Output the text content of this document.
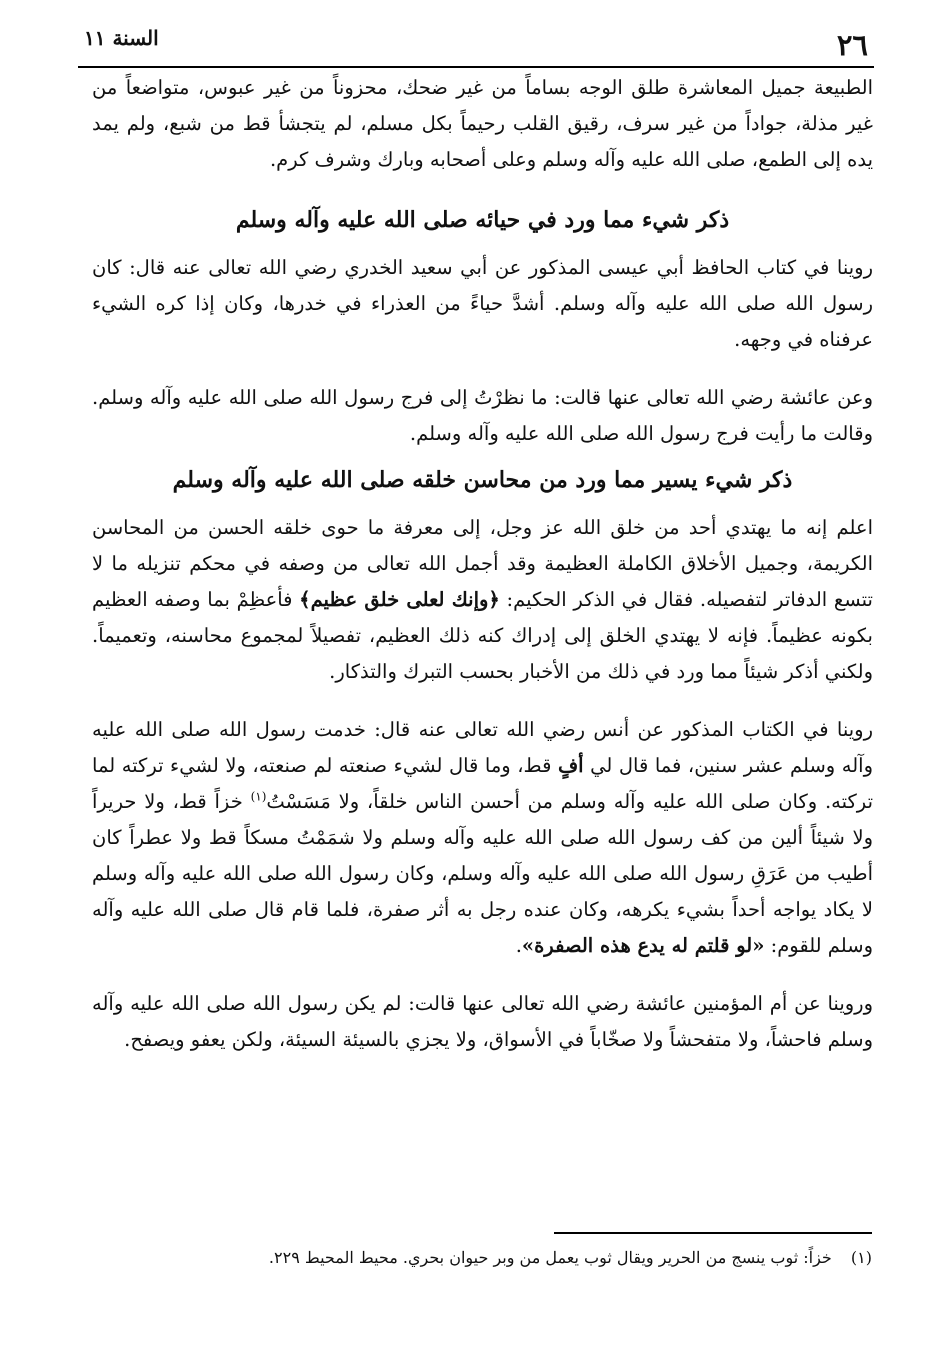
٢٦
السنة ١١

الطبيعة جميل المعاشرة طلق الوجه بساماً من غير ضحك، محزوناً من غير عبوس، متواضعاً من غير مذلة، جواداً من غير سرف، رقيق القلب رحيماً بكل مسلم، لم يتجشأ قط من شبع، ولم يمد يده إلى الطمع، صلى الله عليه وآله وسلم وعلى أصحابه وبارك وشرف كرم.

ذكر شيء مما ورد في حيائه صلى الله عليه وآله وسلم

روينا في كتاب الحافظ أبي عيسى المذكور عن أبي سعيد الخدري رضي الله تعالى عنه قال: كان رسول الله صلى الله عليه وآله وسلم. أشدَّ حياءً من العذراء في خدرها، وكان إذا كره الشيء عرفناه في وجهه.

وعن عائشة رضي الله تعالى عنها قالت: ما نظرْتُ إلى فرج رسول الله صلى الله عليه وآله وسلم. وقالت ما رأيت فرج رسول الله صلى الله عليه وآله وسلم.

ذكر شيء يسير مما ورد من محاسن خلقه صلى الله عليه وآله وسلم

اعلم إنه ما يهتدي أحد من خلق الله عز وجل، إلى معرفة ما حوى خلقه الحسن من المحاسن الكريمة، وجميل الأخلاق الكاملة العظيمة وقد أجمل الله تعالى من وصفه في محكم تنزيله ما لا تتسع الدفاتر لتفصيله. فقال في الذكر الحكيم: ﴿وإنك لعلى خلق عظيم﴾ فأعظِمْ بما وصفه العظيم بكونه عظيماً. فإنه لا يهتدي الخلق إلى إدراك كنه ذلك العظيم، تفصيلاً لمجموع محاسنه، وتعميماً. ولكني أذكر شيئاً مما ورد في ذلك من الأخبار بحسب التبرك والتذكار.

روينا في الكتاب المذكور عن أنس رضي الله تعالى عنه قال: خدمت رسول الله صلى الله عليه وآله وسلم عشر سنين، فما قال لي أفٍ قط، وما قال لشيء صنعته لم صنعته، ولا لشيء تركته لما تركته. وكان صلى الله عليه وآله وسلم من أحسن الناس خلقاً، ولا مَسَسْتُ$^{(١)}$ خزاً قط، ولا حريراً ولا شيئاً ألين من كف رسول الله صلى الله عليه وآله وسلم ولا شمَمْتُ مسكاً قط ولا عطراً كان أطيب من عَرَقِ رسول الله صلى الله عليه وآله وسلم، وكان رسول الله صلى الله عليه وآله وسلم لا يكاد يواجه أحداً بشيء يكرهه، وكان عنده رجل به أثر صفرة، فلما قام قال صلى الله عليه وآله وسلم للقوم: «لو قلتم له يدع هذه الصفرة».

وروينا عن أم المؤمنين عائشة رضي الله تعالى عنها قالت: لم يكن رسول الله صلى الله عليه وآله وسلم فاحشاً، ولا متفحشاً ولا صخّاباً في الأسواق، ولا يجزي بالسيئة السيئة، ولكن يعفو ويصفح.

(١) خزاً: ثوب ينسج من الحرير ويقال ثوب يعمل من وبر حيوان بحري. محيط المحيط ٢٢٩.
